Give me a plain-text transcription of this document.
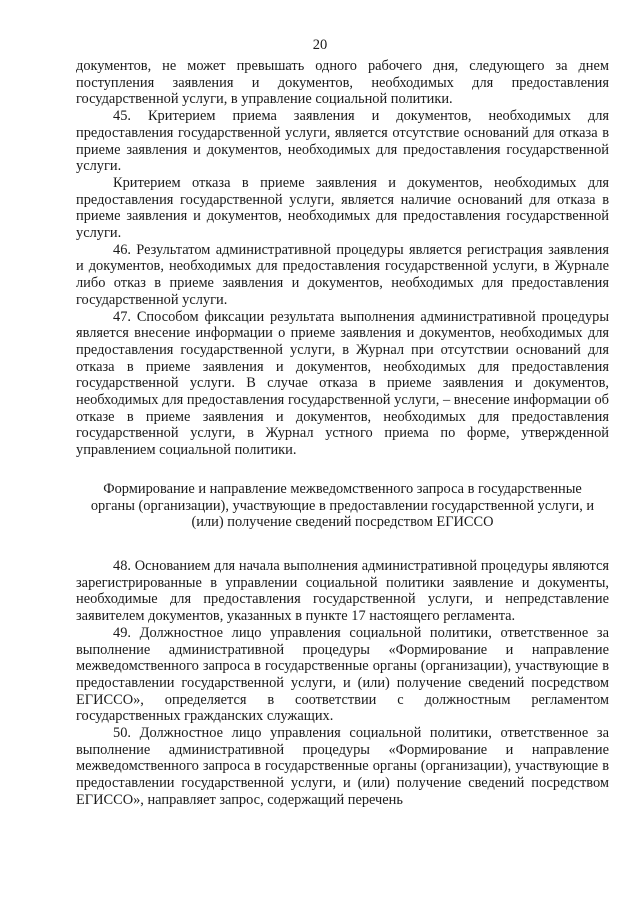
20

документов, не может превышать одного рабочего дня, следующего за днем поступления заявления и документов, необходимых для предоставления государственной услуги, в управление социальной политики.

45. Критерием приема заявления и документов, необходимых для предоставления государственной услуги, является отсутствие оснований для отказа в приеме заявления и документов, необходимых для предоставления государственной услуги.

Критерием отказа в приеме заявления и документов, необходимых для предоставления государственной услуги, является наличие оснований для отказа в приеме заявления и документов, необходимых для предоставления государственной услуги.

46. Результатом административной процедуры является регистрация заявления и документов, необходимых для предоставления государственной услуги, в Журнале либо отказ в приеме заявления и документов, необходимых для предоставления государственной услуги.

47. Способом фиксации результата выполнения административной процедуры является внесение информации о приеме заявления и документов, необходимых для предоставления государственной услуги, в Журнал при отсутствии оснований для отказа в приеме заявления и документов, необходимых для предоставления государственной услуги. В случае отказа в приеме заявления и документов, необходимых для предоставления государственной услуги, – внесение информации об отказе в приеме заявления и документов, необходимых для предоставления государственной услуги, в Журнал устного приема по форме, утвержденной управлением социальной политики.

Формирование и направление межведомственного запроса в государственные органы (организации), участвующие в предоставлении государственной услуги, и (или) получение сведений посредством ЕГИССО

48. Основанием для начала выполнения административной процедуры являются зарегистрированные в управлении социальной политики заявление и документы, необходимые для предоставления государственной услуги, и непредставление заявителем документов, указанных в пункте 17 настоящего регламента.

49. Должностное лицо управления социальной политики, ответственное за выполнение административной процедуры «Формирование и направление межведомственного запроса в государственные органы (организации), участвующие в предоставлении государственной услуги, и (или) получение сведений посредством ЕГИССО», определяется в соответствии с должностным регламентом государственных гражданских служащих.

50. Должностное лицо управления социальной политики, ответственное за выполнение административной процедуры «Формирование и направление межведомственного запроса в государственные органы (организации), участвующие в предоставлении государственной услуги, и (или) получение сведений посредством ЕГИССО», направляет запрос, содержащий перечень
